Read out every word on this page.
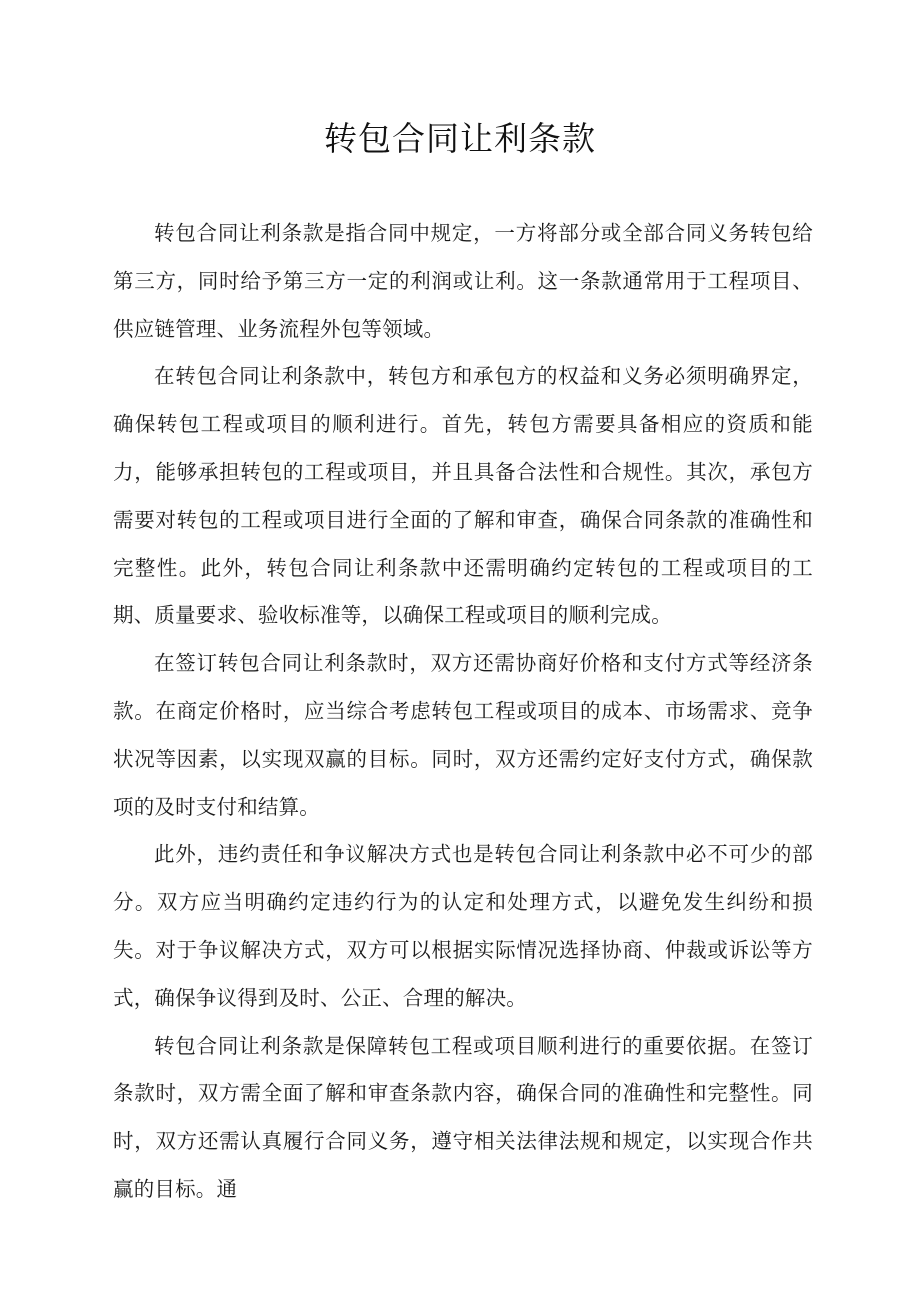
转包合同让利条款

转包合同让利条款是指合同中规定，一方将部分或全部合同义务转包给第三方，同时给予第三方一定的利润或让利。这一条款通常用于工程项目、供应链管理、业务流程外包等领域。

在转包合同让利条款中，转包方和承包方的权益和义务必须明确界定，确保转包工程或项目的顺利进行。首先，转包方需要具备相应的资质和能力，能够承担转包的工程或项目，并且具备合法性和合规性。其次，承包方需要对转包的工程或项目进行全面的了解和审查，确保合同条款的准确性和完整性。此外，转包合同让利条款中还需明确约定转包的工程或项目的工期、质量要求、验收标准等，以确保工程或项目的顺利完成。

在签订转包合同让利条款时，双方还需协商好价格和支付方式等经济条款。在商定价格时，应当综合考虑转包工程或项目的成本、市场需求、竞争状况等因素，以实现双赢的目标。同时，双方还需约定好支付方式，确保款项的及时支付和结算。

此外，违约责任和争议解决方式也是转包合同让利条款中必不可少的部分。双方应当明确约定违约行为的认定和处理方式，以避免发生纠纷和损失。对于争议解决方式，双方可以根据实际情况选择协商、仲裁或诉讼等方式，确保争议得到及时、公正、合理的解决。

转包合同让利条款是保障转包工程或项目顺利进行的重要依据。在签订条款时，双方需全面了解和审查条款内容，确保合同的准确性和完整性。同时，双方还需认真履行合同义务，遵守相关法律法规和规定，以实现合作共赢的目标。通
